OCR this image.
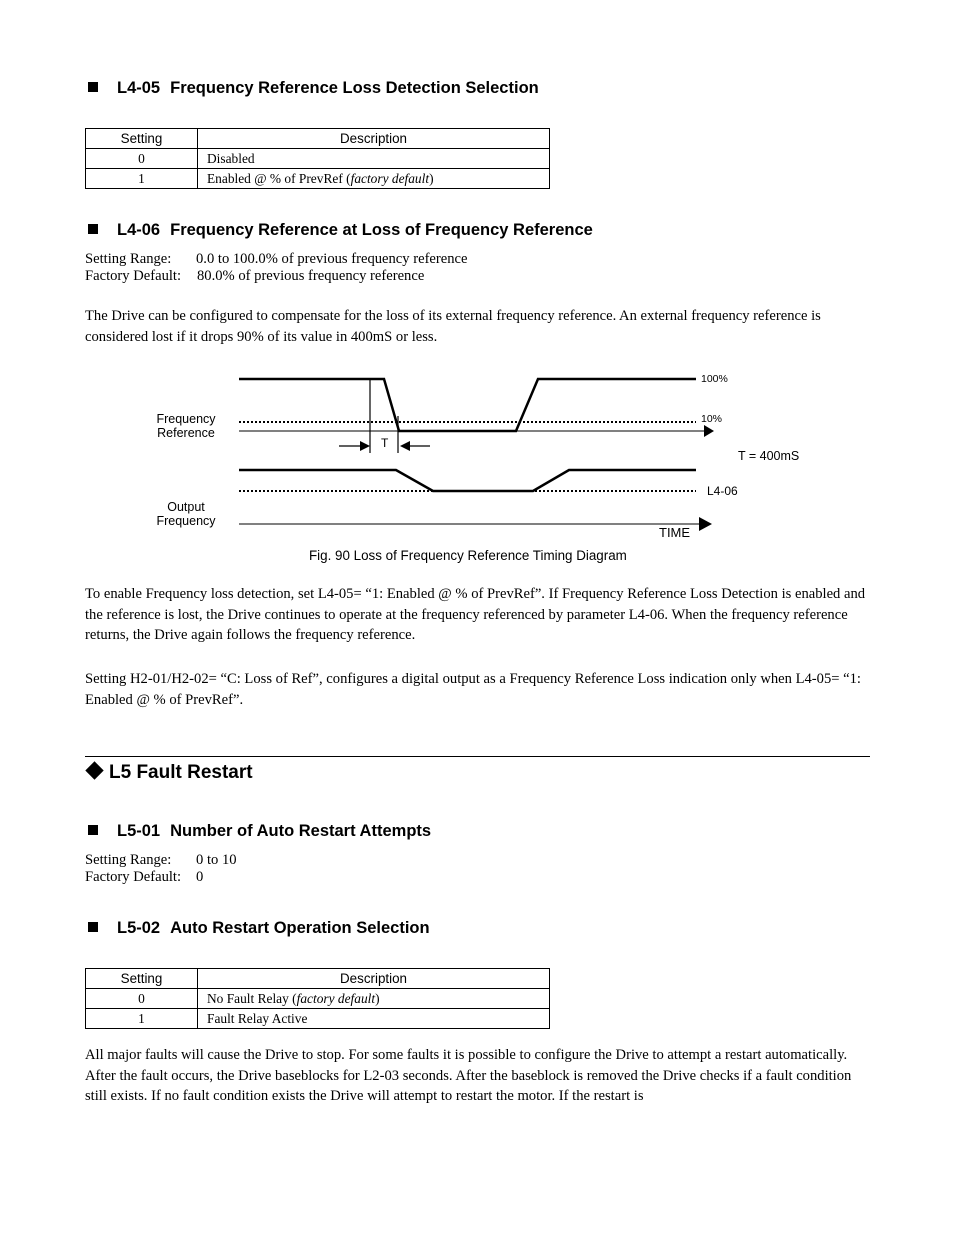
L4-05 Frequency Reference Loss Detection Selection
Setting	Description
0	Disabled
1	Enabled @ % of PrevRef (factory default)
L4-06 Frequency Reference at Loss of Frequency Reference
Setting Range: 0.0 to 100.0% of previous frequency reference
Factory Default: 80.0% of previous frequency reference
The Drive can be configured to compensate for the loss of its external frequency reference. An external frequency reference is considered lost if it drops 90% of its value in 400mS or less.
Frequency
Reference
Output
Frequency
100%
10%
T
T = 400mS
L4-06
TIME
Fig. 90 Loss of Frequency Reference Timing Diagram
To enable Frequency loss detection, set L4-05= “1: Enabled @ % of PrevRef”. If Frequency Reference Loss Detection is enabled and the reference is lost, the Drive continues to operate at the frequency referenced by parameter L4-06. When the frequency reference returns, the Drive again follows the frequency reference.
Setting H2-01/H2-02= “C: Loss of Ref”, configures a digital output as a Frequency Reference Loss indication only when L4-05= “1: Enabled @ % of PrevRef”.
L5 Fault Restart
L5-01 Number of Auto Restart Attempts
Setting Range: 0 to 10
Factory Default: 0
L5-02 Auto Restart Operation Selection
Setting	Description
0	No Fault Relay (factory default)
1	Fault Relay Active
All major faults will cause the Drive to stop. For some faults it is possible to configure the Drive to attempt a restart automatically. After the fault occurs, the Drive baseblocks for L2-03 seconds. After the baseblock is removed the Drive checks if a fault condition still exists. If no fault condition exists the Drive will attempt to restart the motor. If the restart is
